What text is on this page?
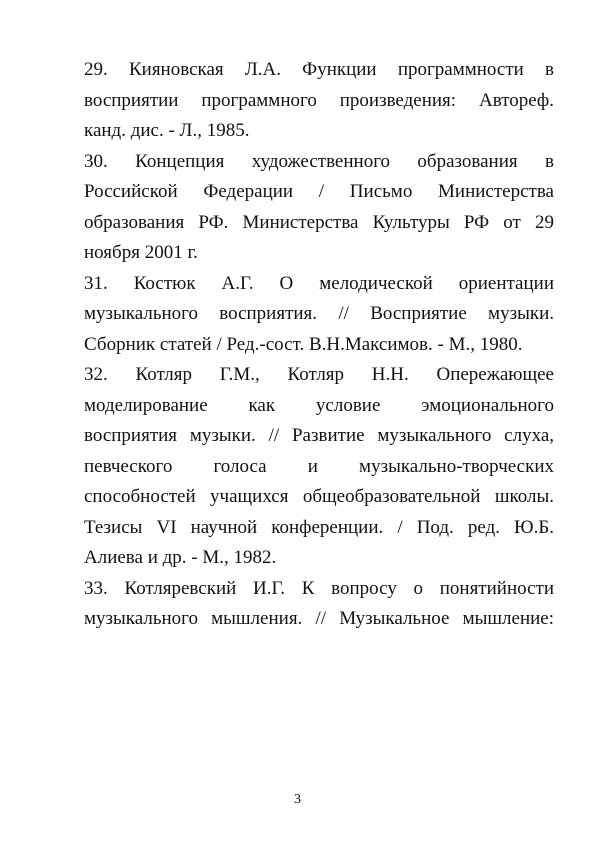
29. Кияновская Л.А. Функции программности в
восприятии программного произведения: Автореф.
канд. дис. - Л., 1985.
30. Концепция художественного образования в
Российской Федерации / Письмо Министерства
образования РФ. Министерства Культуры РФ от 29
ноября 2001 г.
31. Костюк А.Г. О мелодической ориентации
музыкального восприятия. // Восприятие музыки.
Сборник статей / Ред.-сост. В.Н.Максимов. - М., 1980.
32. Котляр Г.М., Котляр Н.Н. Опережающее
моделирование как условие эмоционального
восприятия музыки. // Развитие музыкального слуха,
певческого голоса и музыкально-творческих
способностей учащихся общеобразовательной школы.
Тезисы VI научной конференции. / Под. ред. Ю.Б.
Алиева и др. - М., 1982.
33. Котляревский И.Г. К вопросу о понятийности
музыкального мышления. // Музыкальное мышление:
3
